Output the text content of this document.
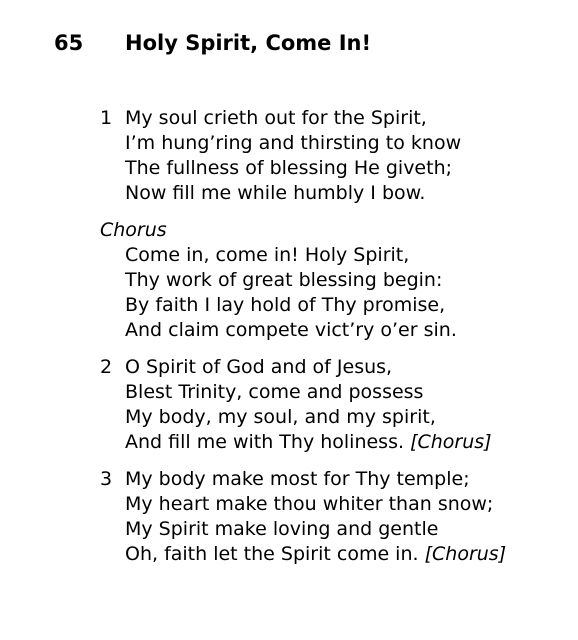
65 Holy Spirit, Come In!
1 My soul crieth out for the Spirit,
I’m hung’ring and thirsting to know
The fullness of blessing He giveth;
Now fill me while humbly I bow.
Chorus
Come in, come in! Holy Spirit,
Thy work of great blessing begin:
By faith I lay hold of Thy promise,
And claim compete vict’ry o’er sin.
2 O Spirit of God and of Jesus,
Blest Trinity, come and possess
My body, my soul, and my spirit,
And fill me with Thy holiness. [Chorus]
3 My body make most for Thy temple;
My heart make thou whiter than snow;
My Spirit make loving and gentle
Oh, faith let the Spirit come in. [Chorus]
